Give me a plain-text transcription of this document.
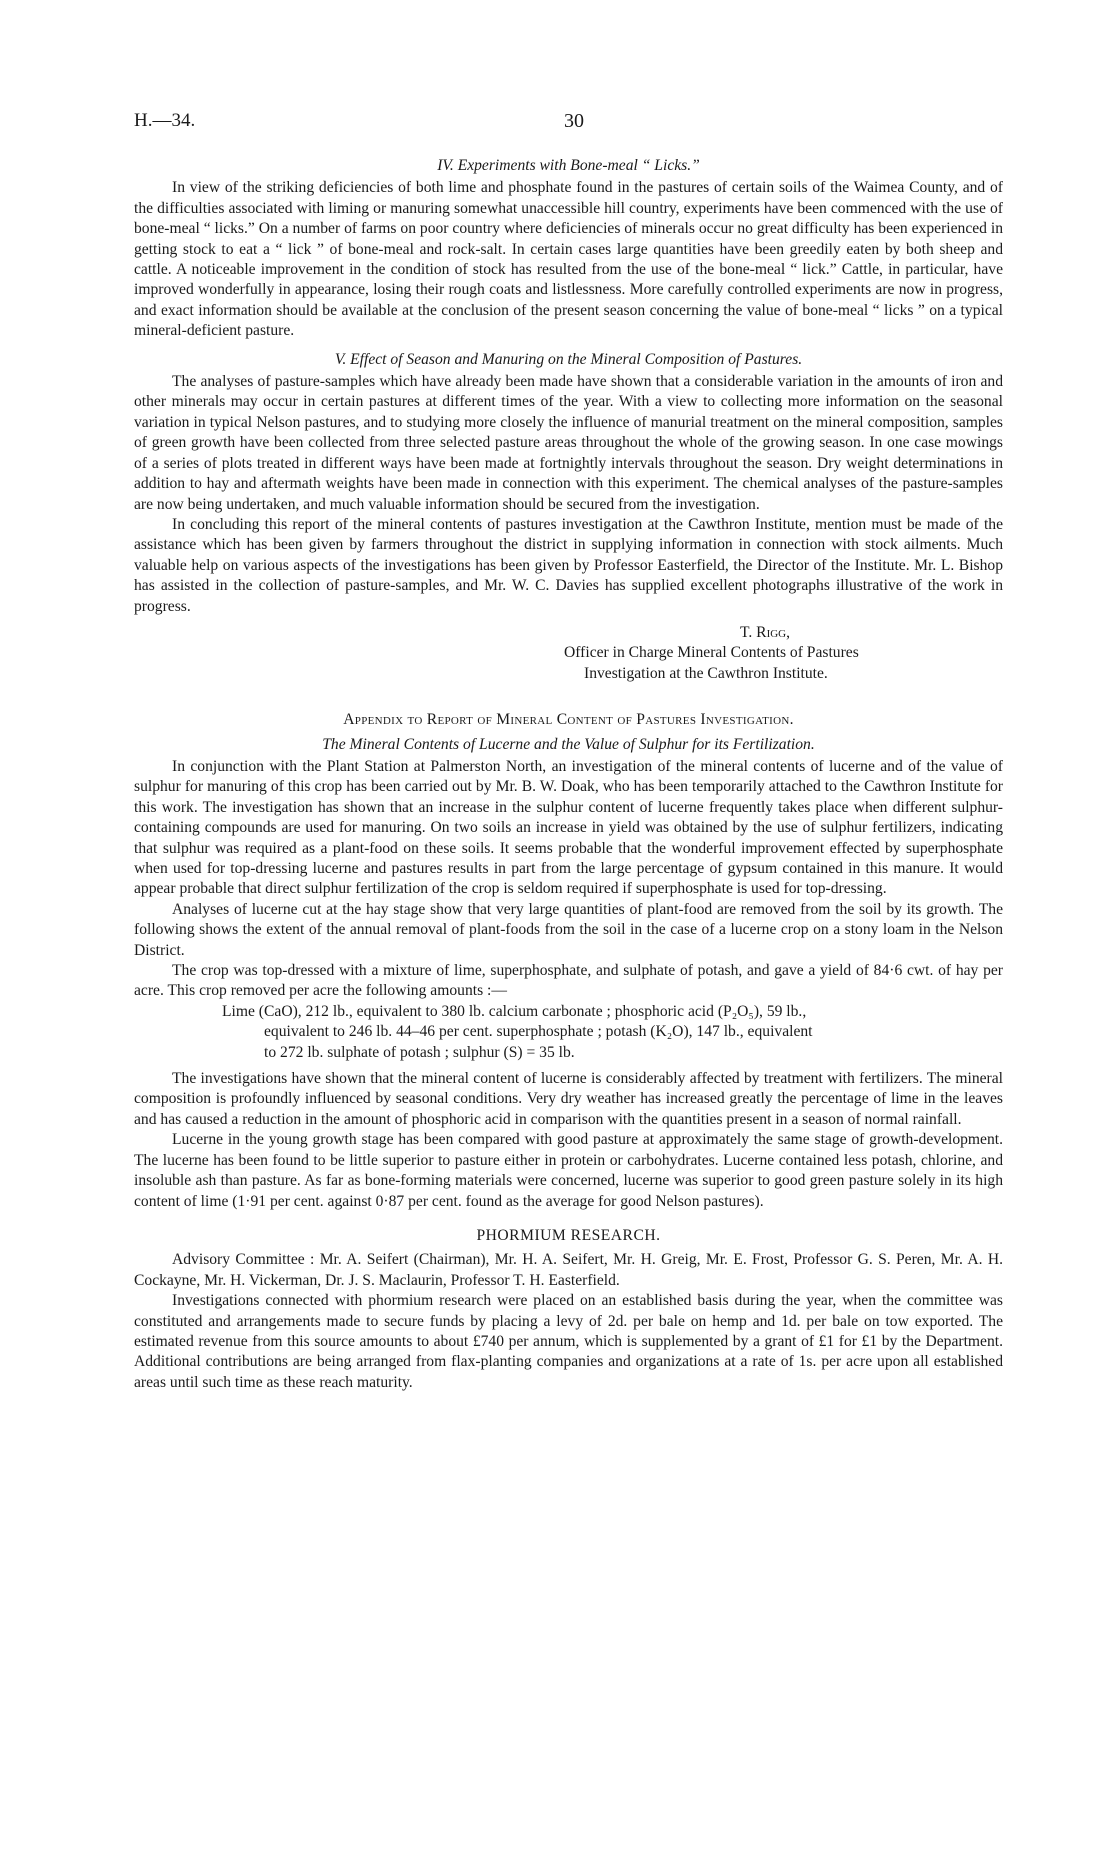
H.—34.	30
IV. Experiments with Bone-meal “ Licks.”

In view of the striking deficiencies of both lime and phosphate found in the pastures of certain soils of the Waimea County, and of the difficulties associated with liming or manuring somewhat unaccessible hill country, experiments have been commenced with the use of bone-meal “ licks.” On a number of farms on poor country where deficiencies of minerals occur no great difficulty has been experienced in getting stock to eat a “ lick ” of bone-meal and rock-salt. In certain cases large quantities have been greedily eaten by both sheep and cattle. A noticeable improvement in the condition of stock has resulted from the use of the bone-meal “ lick.” Cattle, in particular, have improved wonderfully in appearance, losing their rough coats and listlessness. More carefully controlled experiments are now in progress, and exact information should be available at the conclusion of the present season concerning the value of bone-meal “ licks ” on a typical mineral-deficient pasture.

V. Effect of Season and Manuring on the Mineral Composition of Pastures.

The analyses of pasture-samples which have already been made have shown that a considerable variation in the amounts of iron and other minerals may occur in certain pastures at different times of the year. With a view to collecting more information on the seasonal variation in typical Nelson pastures, and to studying more closely the influence of manurial treatment on the mineral composition, samples of green growth have been collected from three selected pasture areas throughout the whole of the growing season. In one case mowings of a series of plots treated in different ways have been made at fortnightly intervals throughout the season. Dry weight determinations in addition to hay and aftermath weights have been made in connection with this experiment. The chemical analyses of the pasture-samples are now being undertaken, and much valuable information should be secured from the investigation.

In concluding this report of the mineral contents of pastures investigation at the Cawthron Institute, mention must be made of the assistance which has been given by farmers throughout the district in supplying information in connection with stock ailments. Much valuable help on various aspects of the investigations has been given by Professor Easterfield, the Director of the Institute. Mr. L. Bishop has assisted in the collection of pasture-samples, and Mr. W. C. Davies has supplied excellent photographs illustrative of the work in progress.

T. Rigg,
Officer in Charge Mineral Contents of Pastures
Investigation at the Cawthron Institute.
Appendix to Report of Mineral Content of Pastures Investigation.
The Mineral Contents of Lucerne and the Value of Sulphur for its Fertilization.

In conjunction with the Plant Station at Palmerston North, an investigation of the mineral contents of lucerne and of the value of sulphur for manuring of this crop has been carried out by Mr. B. W. Doak, who has been temporarily attached to the Cawthron Institute for this work. The investigation has shown that an increase in the sulphur content of lucerne frequently takes place when different sulphur-containing compounds are used for manuring. On two soils an increase in yield was obtained by the use of sulphur fertilizers, indicating that sulphur was required as a plant-food on these soils. It seems probable that the wonderful improvement effected by superphosphate when used for top-dressing lucerne and pastures results in part from the large percentage of gypsum contained in this manure. It would appear probable that direct sulphur fertilization of the crop is seldom required if superphosphate is used for top-dressing.

Analyses of lucerne cut at the hay stage show that very large quantities of plant-food are removed from the soil by its growth. The following shows the extent of the annual removal of plant-foods from the soil in the case of a lucerne crop on a stony loam in the Nelson District.

The crop was top-dressed with a mixture of lime, superphosphate, and sulphate of potash, and gave a yield of 84·6 cwt. of hay per acre. This crop removed per acre the following amounts :—

Lime (CaO), 212 lb., equivalent to 380 lb. calcium carbonate ; phosphoric acid (P₂O₅), 59 lb.,
equivalent to 246 lb. 44–46 per cent. superphosphate ; potash (K₂O), 147 lb., equivalent
to 272 lb. sulphate of potash ; sulphur (S) = 35 lb.

The investigations have shown that the mineral content of lucerne is considerably affected by treatment with fertilizers. The mineral composition is profoundly influenced by seasonal conditions. Very dry weather has increased greatly the percentage of lime in the leaves and has caused a reduction in the amount of phosphoric acid in comparison with the quantities present in a season of normal rainfall.

Lucerne in the young growth stage has been compared with good pasture at approximately the same stage of growth-development. The lucerne has been found to be little superior to pasture either in protein or carbohydrates. Lucerne contained less potash, chlorine, and insoluble ash than pasture. As far as bone-forming materials were concerned, lucerne was superior to good green pasture solely in its high content of lime (1·91 per cent. against 0·87 per cent. found as the average for good Nelson pastures).

PHORMIUM RESEARCH.

Advisory Committee : Mr. A. Seifert (Chairman), Mr. H. A. Seifert, Mr. H. Greig, Mr. E. Frost, Professor G. S. Peren, Mr. A. H. Cockayne, Mr. H. Vickerman, Dr. J. S. Maclaurin, Professor T. H. Easterfield.

Investigations connected with phormium research were placed on an established basis during the year, when the committee was constituted and arrangements made to secure funds by placing a levy of 2d. per bale on hemp and 1d. per bale on tow exported. The estimated revenue from this source amounts to about £740 per annum, which is supplemented by a grant of £1 for £1 by the Department. Additional contributions are being arranged from flax-planting companies and organizations at a rate of 1s. per acre upon all established areas until such time as these reach maturity.
